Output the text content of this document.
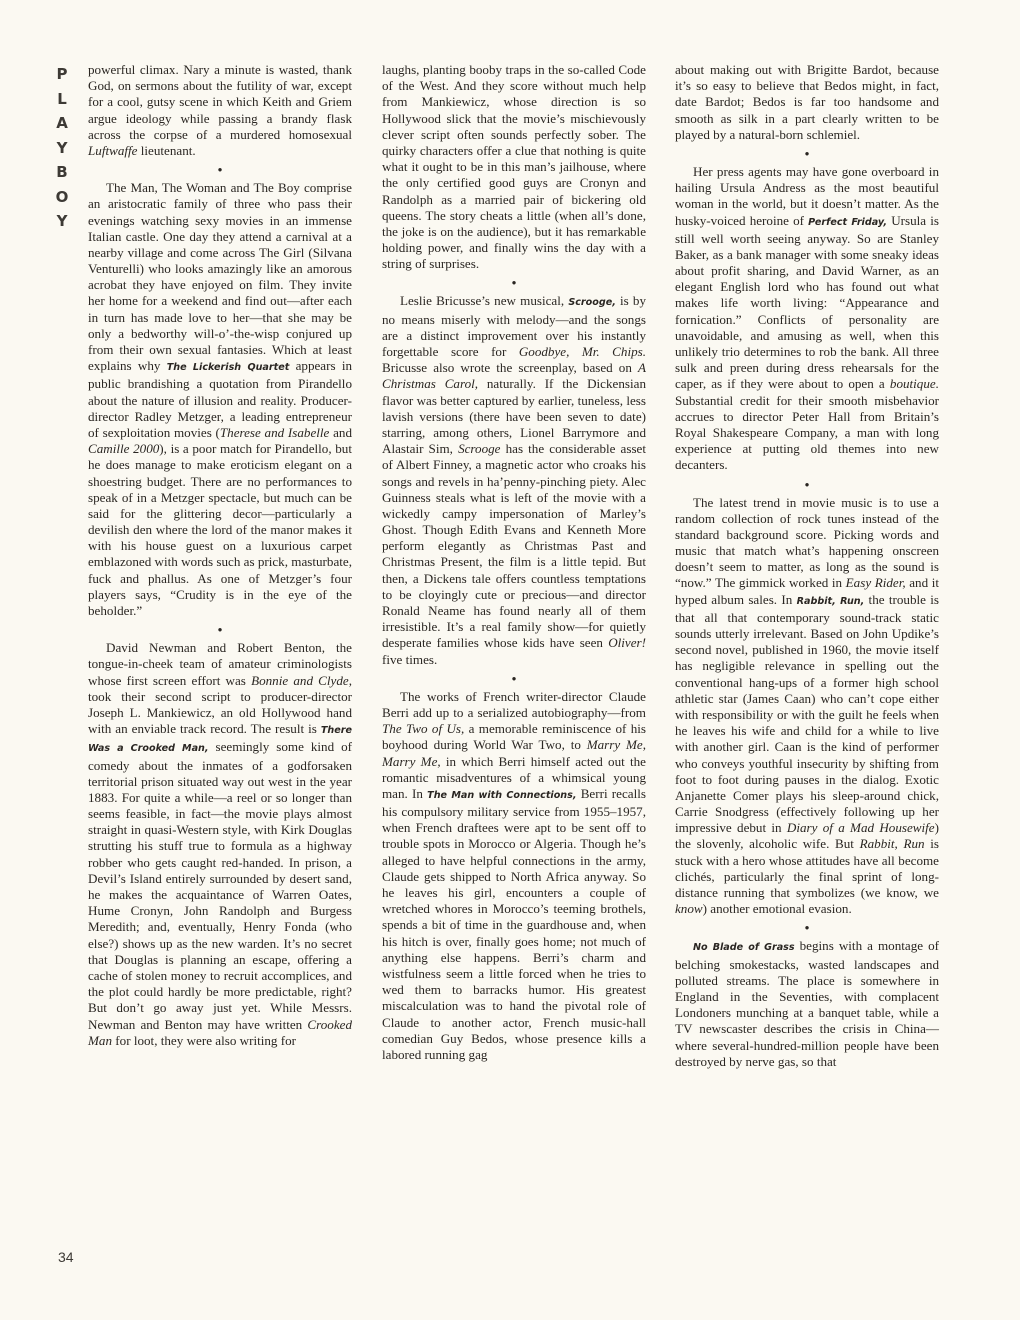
P
L
A
Y
B
O
Y
34

powerful climax. Nary a minute is wasted, thank God, on sermons about the futility of war, except for a cool, gutsy scene in which Keith and Griem argue ideology while passing a brandy flask across the corpse of a murdered homosexual Luftwaffe lieutenant.

●

The Man, The Woman and The Boy comprise an aristocratic family of three who pass their evenings watching sexy movies in an immense Italian castle. One day they attend a carnival at a nearby village and come across The Girl (Silvana Venturelli) who looks amazingly like an amorous acrobat they have enjoyed on film. They invite her home for a weekend and find out—after each in turn has made love to her—that she may be only a bedworthy will-o’-the-wisp conjured up from their own sexual fantasies. Which at least explains why The Lickerish Quartet appears in public brandishing a quotation from Pirandello about the nature of illusion and reality. Producer-director Radley Metzger, a leading entrepreneur of sexploitation movies (Therese and Isabelle and Camille 2000), is a poor match for Pirandello, but he does manage to make eroticism elegant on a shoestring budget. There are no performances to speak of in a Metzger spectacle, but much can be said for the glittering decor—particularly a devilish den where the lord of the manor makes it with his house guest on a luxurious carpet emblazoned with words such as prick, masturbate, fuck and phallus. As one of Metzger’s four players says, “Crudity is in the eye of the beholder.”

●

David Newman and Robert Benton, the tongue-in-cheek team of amateur criminologists whose first screen effort was Bonnie and Clyde, took their second script to producer-director Joseph L. Mankiewicz, an old Hollywood hand with an enviable track record. The result is There Was a Crooked Man, seemingly some kind of comedy about the inmates of a godforsaken territorial prison situated way out west in the year 1883. For quite a while—a reel or so longer than seems feasible, in fact—the movie plays almost straight in quasi-Western style, with Kirk Douglas strutting his stuff true to formula as a highway robber who gets caught red-handed. In prison, a Devil’s Island entirely surrounded by desert sand, he makes the acquaintance of Warren Oates, Hume Cronyn, John Randolph and Burgess Meredith; and, eventually, Henry Fonda (who else?) shows up as the new warden. It’s no secret that Douglas is planning an escape, offering a cache of stolen money to recruit accomplices, and the plot could hardly be more predictable, right? But don’t go away just yet. While Messrs. Newman and Benton may have written Crooked Man for loot, they were also writing for

laughs, planting booby traps in the so-called Code of the West. And they score without much help from Mankiewicz, whose direction is so Hollywood slick that the movie’s mischievously clever script often sounds perfectly sober. The quirky characters offer a clue that nothing is quite what it ought to be in this man’s jailhouse, where the only certified good guys are Cronyn and Randolph as a married pair of bickering old queens. The story cheats a little (when all’s done, the joke is on the audience), but it has remarkable holding power, and finally wins the day with a string of surprises.

●

Leslie Bricusse’s new musical, Scrooge, is by no means miserly with melody—and the songs are a distinct improvement over his instantly forgettable score for Goodbye, Mr. Chips. Bricusse also wrote the screenplay, based on A Christmas Carol, naturally. If the Dickensian flavor was better captured by earlier, tuneless, less lavish versions (there have been seven to date) starring, among others, Lionel Barrymore and Alastair Sim, Scrooge has the considerable asset of Albert Finney, a magnetic actor who croaks his songs and revels in ha’penny-pinching piety. Alec Guinness steals what is left of the movie with a wickedly campy impersonation of Marley’s Ghost. Though Edith Evans and Kenneth More perform elegantly as Christmas Past and Christmas Present, the film is a little tepid. But then, a Dickens tale offers countless temptations to be cloyingly cute or precious—and director Ronald Neame has found nearly all of them irresistible. It’s a real family show—for quietly desperate families whose kids have seen Oliver! five times.

●

The works of French writer-director Claude Berri add up to a serialized autobiography—from The Two of Us, a memorable reminiscence of his boyhood during World War Two, to Marry Me, Marry Me, in which Berri himself acted out the romantic misadventures of a whimsical young man. In The Man with Connections, Berri recalls his compulsory military service from 1955–1957, when French draftees were apt to be sent off to trouble spots in Morocco or Algeria. Though he’s alleged to have helpful connections in the army, Claude gets shipped to North Africa anyway. So he leaves his girl, encounters a couple of wretched whores in Morocco’s teeming brothels, spends a bit of time in the guardhouse and, when his hitch is over, finally goes home; not much of anything else happens. Berri’s charm and wistfulness seem a little forced when he tries to wed them to barracks humor. His greatest miscalculation was to hand the pivotal role of Claude to another actor, French music-hall comedian Guy Bedos, whose presence kills a labored running gag

about making out with Brigitte Bardot, because it’s so easy to believe that Bedos might, in fact, date Bardot; Bedos is far too handsome and smooth as silk in a part clearly written to be played by a natural-born schlemiel.

●

Her press agents may have gone overboard in hailing Ursula Andress as the most beautiful woman in the world, but it doesn’t matter. As the husky-voiced heroine of Perfect Friday, Ursula is still well worth seeing anyway. So are Stanley Baker, as a bank manager with some sneaky ideas about profit sharing, and David Warner, as an elegant English lord who has found out what makes life worth living: “Appearance and fornication.” Conflicts of personality are unavoidable, and amusing as well, when this unlikely trio determines to rob the bank. All three sulk and preen during dress rehearsals for the caper, as if they were about to open a boutique. Substantial credit for their smooth misbehavior accrues to director Peter Hall from Britain’s Royal Shakespeare Company, a man with long experience at putting old themes into new decanters.

●

The latest trend in movie music is to use a random collection of rock tunes instead of the standard background score. Picking words and music that match what’s happening onscreen doesn’t seem to matter, as long as the sound is “now.” The gimmick worked in Easy Rider, and it hyped album sales. In Rabbit, Run, the trouble is that all that contemporary sound-track static sounds utterly irrelevant. Based on John Updike’s second novel, published in 1960, the movie itself has negligible relevance in spelling out the conventional hang-ups of a former high school athletic star (James Caan) who can’t cope either with responsibility or with the guilt he feels when he leaves his wife and child for a while to live with another girl. Caan is the kind of performer who conveys youthful insecurity by shifting from foot to foot during pauses in the dialog. Exotic Anjanette Comer plays his sleep-around chick, Carrie Snodgress (effectively following up her impressive debut in Diary of a Mad Housewife) the slovenly, alcoholic wife. But Rabbit, Run is stuck with a hero whose attitudes have all become clichés, particularly the final sprint of long-distance running that symbolizes (we know, we know) another emotional evasion.

●

No Blade of Grass begins with a montage of belching smokestacks, wasted landscapes and polluted streams. The place is somewhere in England in the Seventies, with complacent Londoners munching at a banquet table, while a TV newscaster describes the crisis in China—where several-hundred-million people have been destroyed by nerve gas, so that
